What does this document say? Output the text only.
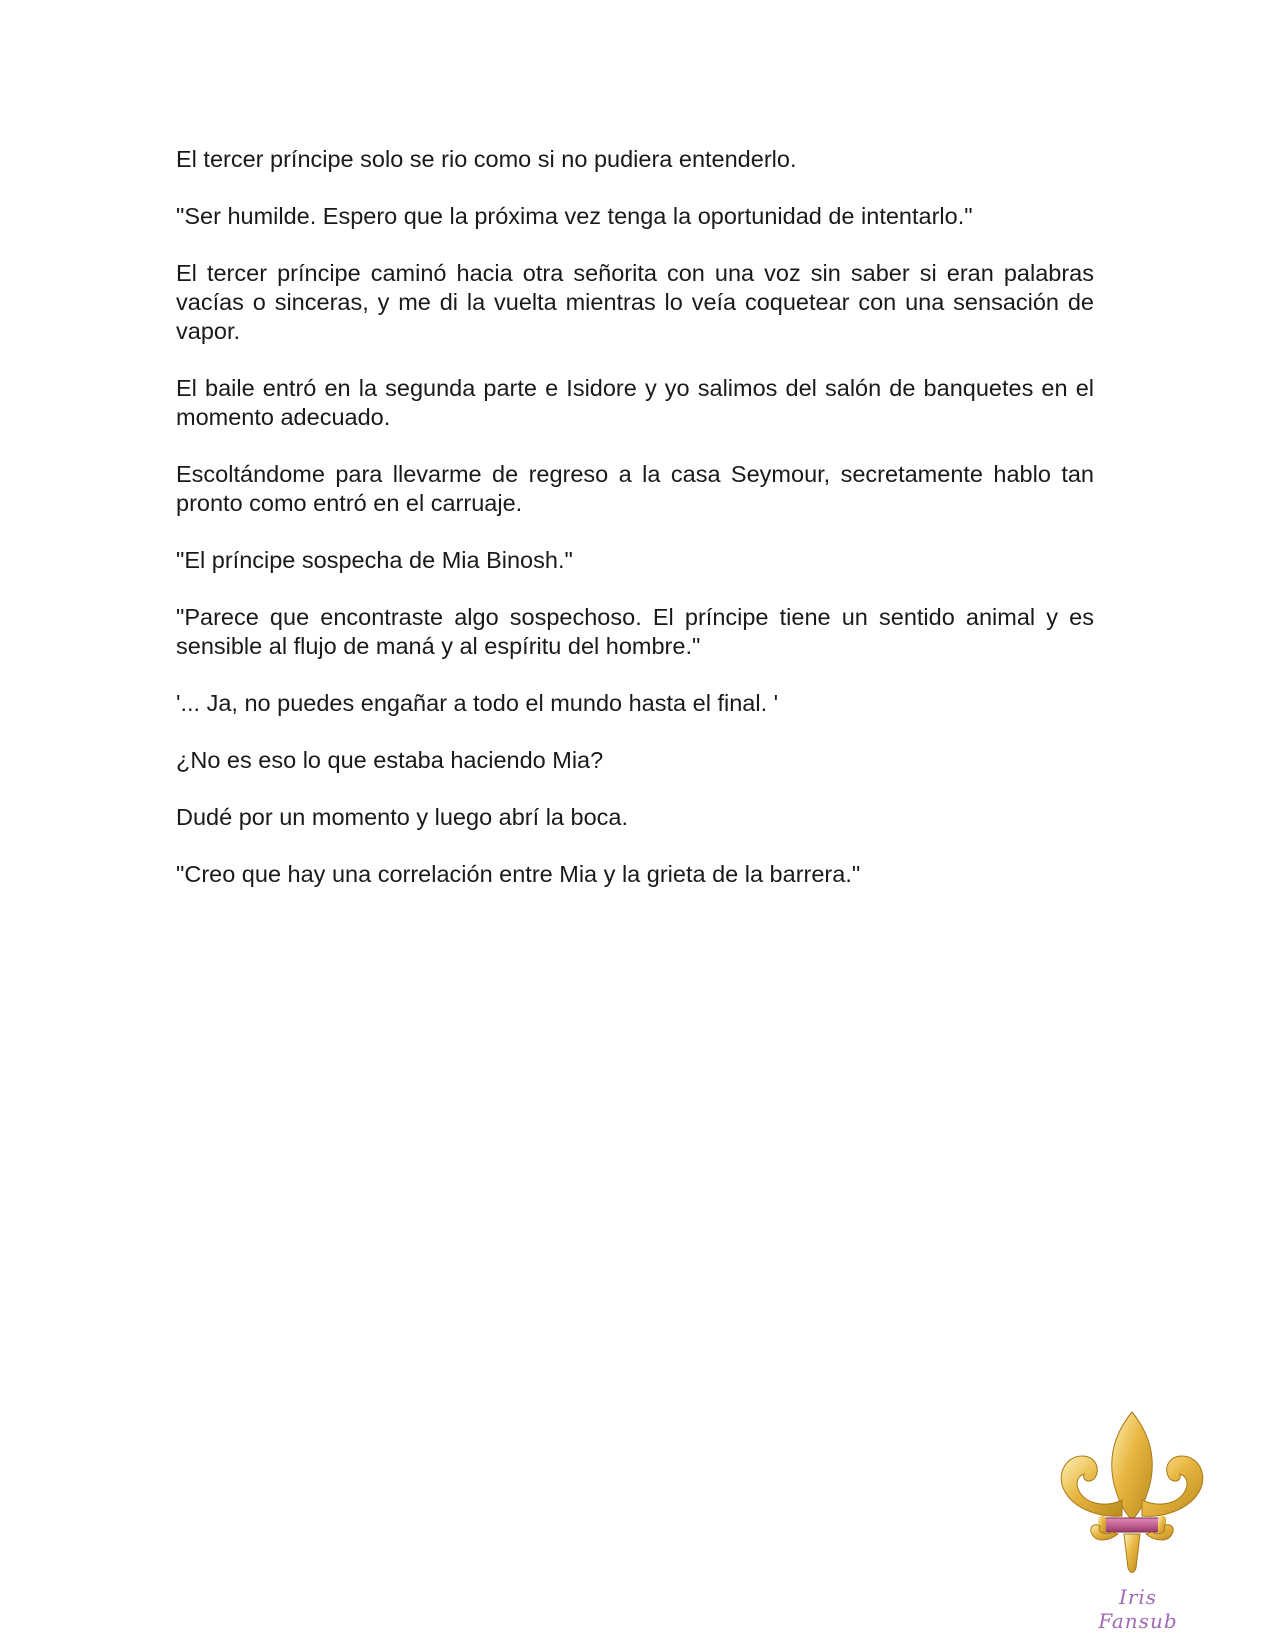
El tercer príncipe solo se rio como si no pudiera entenderlo.

"Ser humilde. Espero que la próxima vez tenga la oportunidad de intentarlo."

El tercer príncipe caminó hacia otra señorita con una voz sin saber si eran palabras vacías o sinceras, y me di la vuelta mientras lo veía coquetear con una sensación de vapor.

El baile entró en la segunda parte e Isidore y yo salimos del salón de banquetes en el momento adecuado.

Escoltándome para llevarme de regreso a la casa Seymour, secretamente hablo tan pronto como entró en el carruaje.

"El príncipe sospecha de Mia Binosh."

"Parece que encontraste algo sospechoso. El príncipe tiene un sentido animal y es sensible al flujo de maná y al espíritu del hombre."

'... Ja, no puedes engañar a todo el mundo hasta el final. '

¿No es eso lo que estaba haciendo Mia?

Dudé por un momento y luego abrí la boca.

"Creo que hay una correlación entre Mia y la grieta de la barrera."

Iris Fansub
